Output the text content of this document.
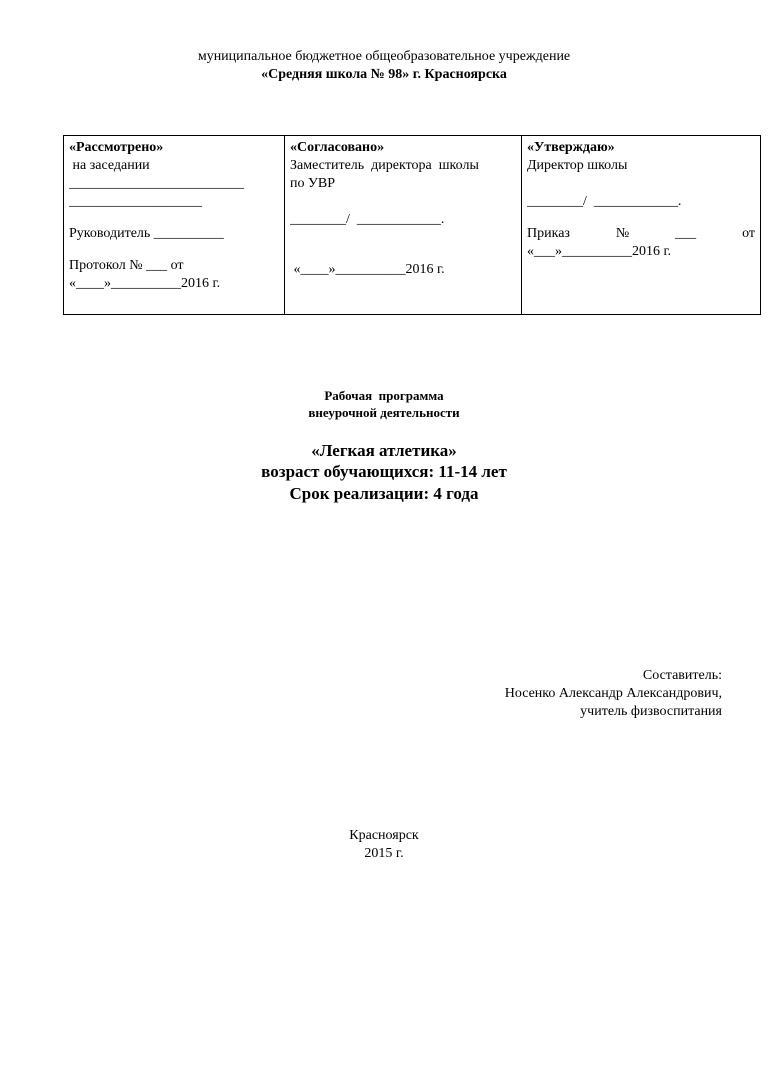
муниципальное бюджетное общеобразовательное учреждение
«Средняя школа № 98» г. Красноярска
«Рассмотрено»
на заседании
_________________________
___________________
Руководитель __________
Протокол № ___ от
«____»__________2016 г.

«Согласовано»
Заместитель  директора  школы
по УВР
________/  ____________.
«____»__________2016 г.

«Утверждаю»
Директор школы
________/  ____________.
Приказ	№	___	от
«___»__________2016 г.
Рабочая  программа
внеурочной деятельности
«Легкая атлетика»
возраст обучающихся: 11-14 лет
Срок реализации: 4 года
Составитель:
Носенко Александр Александрович,
учитель физвоспитания
Красноярск
2015 г.
